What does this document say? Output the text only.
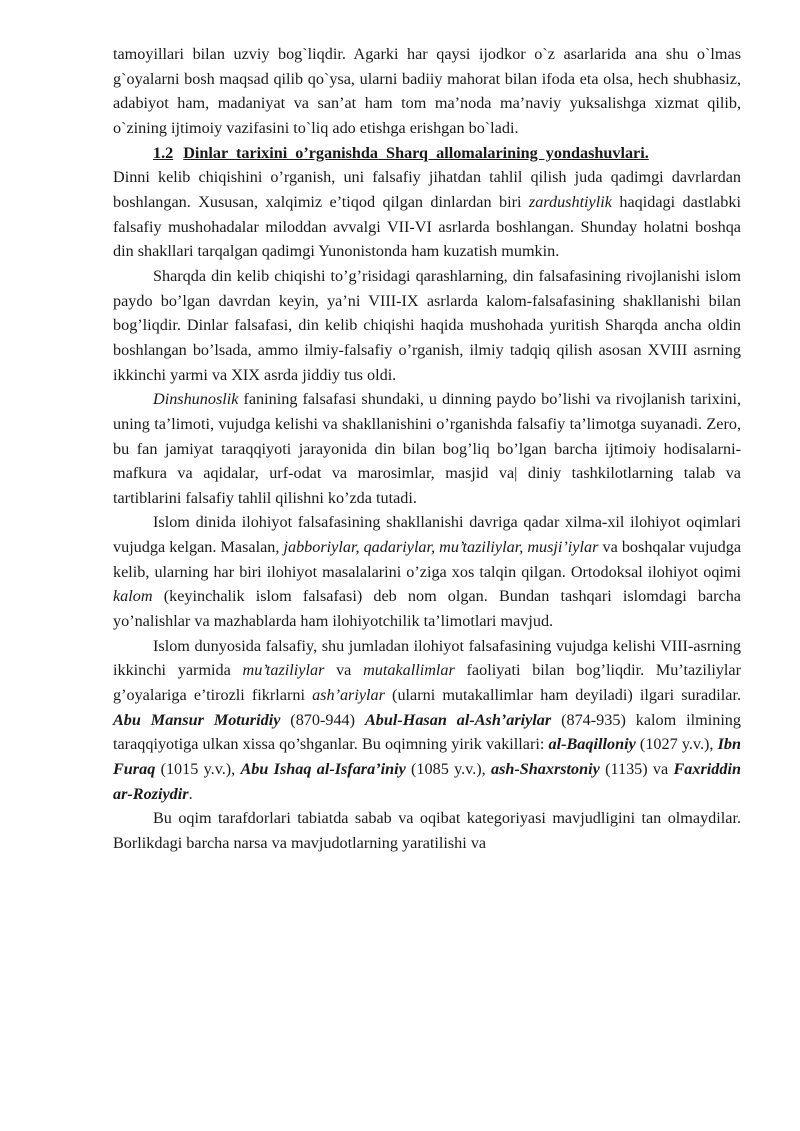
tamoyillari bilan uzviy bog`liqdir. Agarki har qaysi ijodkor o`z asarlarida ana shu o`lmas g`oyalarni bosh maqsad qilib qo`ysa, ularni badiiy mahorat bilan ifoda eta olsa, hech shubhasiz, adabiyot ham, madaniyat va san’at ham tom ma’noda ma’naviy yuksalishga xizmat qilib, o`zining ijtimoiy vazifasini to`liq ado etishga erishgan bo`ladi.

1.2 Dinlar tarixini o’rganishda Sharq allomalarining yondashuvlari.

Dinni kelib chiqishini o’rganish, uni falsafiy jihatdan tahlil qilish juda qadimgi davrlardan boshlangan. Xususan, xalqimiz e’tiqod qilgan dinlardan biri zardushtiylik haqidagi dastlabki falsafiy mushohadalar miloddan avvalgi VII-VI asrlarda boshlangan. Shunday holatni boshqa din shakllari tarqalgan qadimgi Yunonistonda ham kuzatish mumkin.

Sharqda din kelib chiqishi to’g’risidagi qarashlarning, din falsafasining rivojlanishi islom paydo bo’lgan davrdan keyin, ya’ni VIII-IX asrlarda kalom-falsafasining shakllanishi bilan bog’liqdir. Dinlar falsafasi, din kelib chiqishi haqida mushohada yuritish Sharqda ancha oldin boshlangan bo’lsada, ammo ilmiy-falsafiy o’rganish, ilmiy tadqiq qilish asosan XVIII asrning ikkinchi yarmi va XIX asrda jiddiy tus oldi.

Dinshunoslik fanining falsafasi shundaki, u dinning paydo bo’lishi va rivojlanish tarixini, uning ta’limoti, vujudga kelishi va shakllanishini o’rganishda falsafiy ta’limotga suyanadi. Zero, bu fan jamiyat taraqqiyoti jarayonida din bilan bog’liq bo’lgan barcha ijtimoiy hodisalarni-mafkura va aqidalar, urf-odat va marosimlar, masjid va| diniy tashkilotlarning talab va tartiblarini falsafiy tahlil qilishni ko’zda tutadi.

Islom dinida ilohiyot falsafasining shakllanishi davriga qadar xilma-xil ilohiyot oqimlari vujudga kelgan. Masalan, jabboriylar, qadariylar, mu’taziliylar, musji’iylar va boshqalar vujudga kelib, ularning har biri ilohiyot masalalarini o’ziga xos talqin qilgan. Ortodoksal ilohiyot oqimi kalom (keyinchalik islom falsafasi) deb nom olgan. Bundan tashqari islomdagi barcha yo’nalishlar va mazhablarda ham ilohiyotchilik ta’limotlari mavjud.

Islom dunyosida falsafiy, shu jumladan ilohiyot falsafasining vujudga kelishi VIII-asrning ikkinchi yarmida mu’taziliylar va mutakallimlar faoliyati bilan bog’liqdir. Mu’taziliylar g’oyalariga e’tirozli fikrlarni ash’ariylar (ularni mutakallimlar ham deyiladi) ilgari suradilar. Abu Mansur Moturidiy (870-944) Abul-Hasan al-Ash’ariylar (874-935) kalom ilmining taraqqiyotiga ulkan xissa qo’shganlar. Bu oqimning yirik vakillari: al-Baqilloniy (1027 y.v.), Ibn Furaq (1015 y.v.), Abu Ishaq al-Isfara’iniy (1085 y.v.), ash-Shaxrstoniy (1135) va Faxriddin ar-Roziydir.

Bu oqim tarafdorlari tabiatda sabab va oqibat kategoriyasi mavjudligini tan olmaydilar. Borlikdagi barcha narsa va mavjudotlarning yaratilishi va
